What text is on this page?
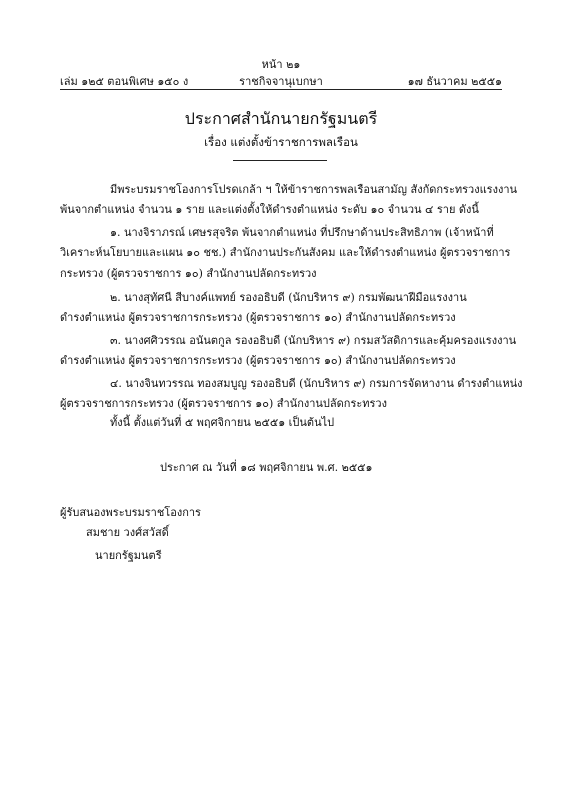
หน้า ๒๑
เล่ม ๑๒๕ ตอนพิเศษ ๑๕๐ ง	ราชกิจจานุเบกษา	๑๗ ธันวาคม ๒๕๕๑
ประกาศสำนักนายกรัฐมนตรี
เรื่อง แต่งตั้งข้าราชการพลเรือน
มีพระบรมราชโองการโปรดเกล้า ฯ ให้ข้าราชการพลเรือนสามัญ สังกัดกระทรวงแรงงาน
พ้นจากตำแหน่ง จำนวน ๑ ราย และแต่งตั้งให้ดำรงตำแหน่ง ระดับ ๑๐ จำนวน ๔ ราย ดังนี้
๑. นางจิราภรณ์ เศษรสุจริต พ้นจากตำแหน่ง ที่ปรึกษาด้านประสิทธิภาพ (เจ้าหน้าที่
วิเคราะห์นโยบายและแผน ๑๐ ชช.) สำนักงานประกันสังคม และให้ดำรงตำแหน่ง ผู้ตรวจราชการ
กระทรวง (ผู้ตรวจราชการ ๑๐) สำนักงานปลัดกระทรวง
๒. นางสุทัศนี สีบางค์แพทย์ รองอธิบดี (นักบริหาร ๙) กรมพัฒนาฝีมือแรงงาน
ดำรงตำแหน่ง ผู้ตรวจราชการกระทรวง (ผู้ตรวจราชการ ๑๐) สำนักงานปลัดกระทรวง
๓. นางศศิวรรณ อนันตกูล รองอธิบดี (นักบริหาร ๙) กรมสวัสดิการและคุ้มครองแรงงาน
ดำรงตำแหน่ง ผู้ตรวจราชการกระทรวง (ผู้ตรวจราชการ ๑๐) สำนักงานปลัดกระทรวง
๔. นางจินทวรรณ ทองสมบูญ รองอธิบดี (นักบริหาร ๙) กรมการจัดหางาน ดำรงตำแหน่ง
ผู้ตรวจราชการกระทรวง (ผู้ตรวจราชการ ๑๐) สำนักงานปลัดกระทรวง
ทั้งนี้ ตั้งแต่วันที่ ๕ พฤศจิกายน ๒๕๕๑ เป็นต้นไป
ประกาศ ณ วันที่ ๑๘ พฤศจิกายน พ.ศ. ๒๕๕๑
ผู้รับสนองพระบรมราชโองการ
สมชาย วงศ์สวัสดิ์
นายกรัฐมนตรี
